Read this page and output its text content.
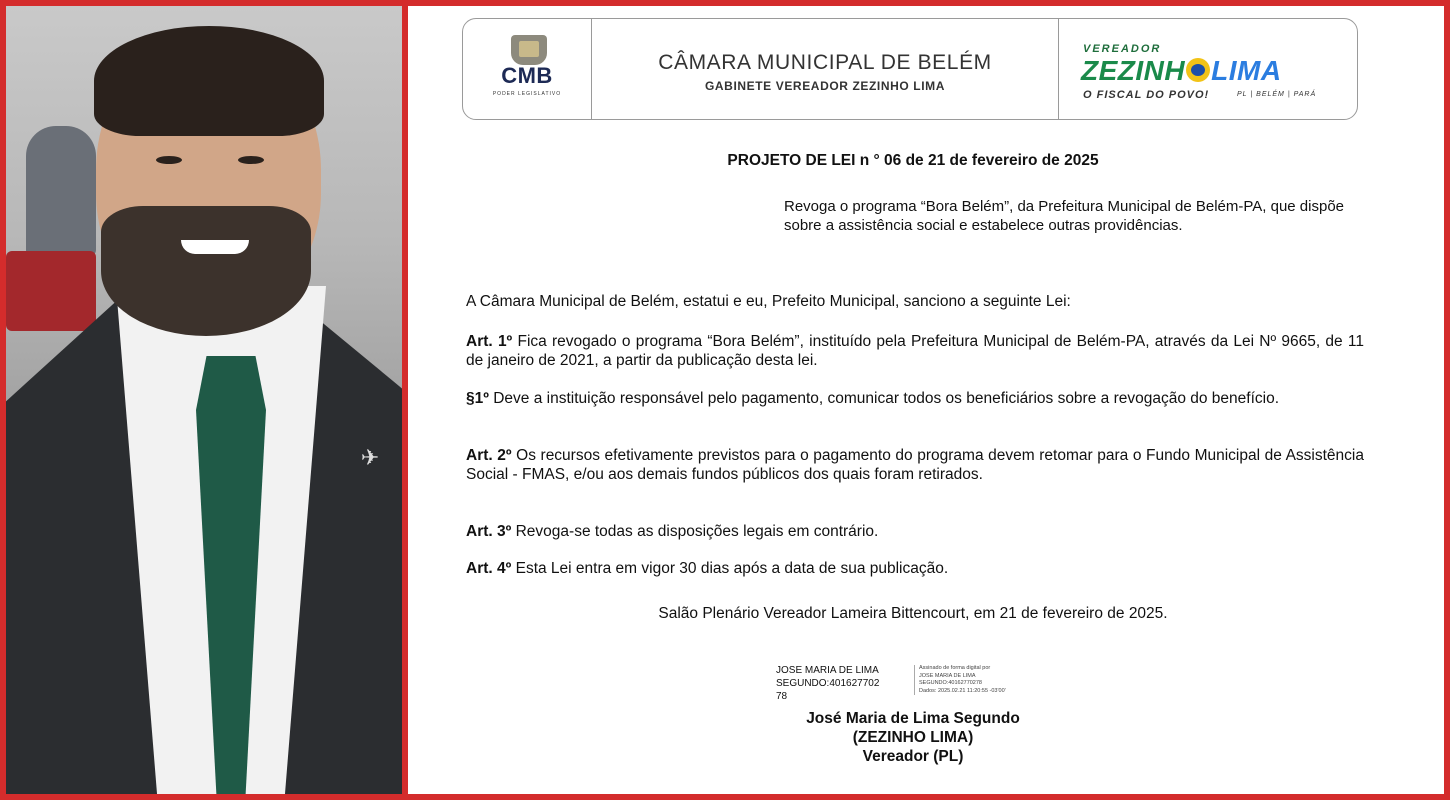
✈
CMB
PODER LEGISLATIVO
CÂMARA MUNICIPAL DE BELÉM
GABINETE VEREADOR ZEZINHO LIMA
VEREADOR
ZEZINH LIMA
O FISCAL DO POVO!	PL | BELÉM | PARÁ
PROJETO DE LEI n ° 06 de 21 de fevereiro de 2025
Revoga o programa “Bora Belém”, da Prefeitura Municipal de Belém-PA, que dispõe sobre a assistência social e estabelece outras providências.
A Câmara Municipal de Belém, estatui e eu, Prefeito Municipal, sanciono a seguinte Lei:
Art. 1º Fica revogado o programa “Bora Belém”, instituído pela Prefeitura Municipal de Belém-PA, através da Lei Nº 9665, de 11 de janeiro de 2021, a partir da publicação desta lei.
§1º Deve a instituição responsável pelo pagamento, comunicar todos os beneficiários sobre a revogação do benefício.
Art. 2º Os recursos efetivamente previstos para o pagamento do programa devem retomar para o Fundo Municipal de Assistência Social - FMAS, e/ou aos demais fundos públicos dos quais foram retirados.
Art. 3º Revoga-se todas as disposições legais em contrário.
Art. 4º Esta Lei entra em vigor 30 dias após a data de sua publicação.
Salão Plenário Vereador Lameira Bittencourt, em 21 de fevereiro de 2025.
JOSE MARIA DE LIMA
SEGUNDO:401627702
78
Assinado de forma digital por
JOSE MARIA DE LIMA
SEGUNDO:40162770278
Dados: 2025.02.21 11:20:55 -03'00'
José Maria de Lima Segundo
(ZEZINHO LIMA)
Vereador (PL)
